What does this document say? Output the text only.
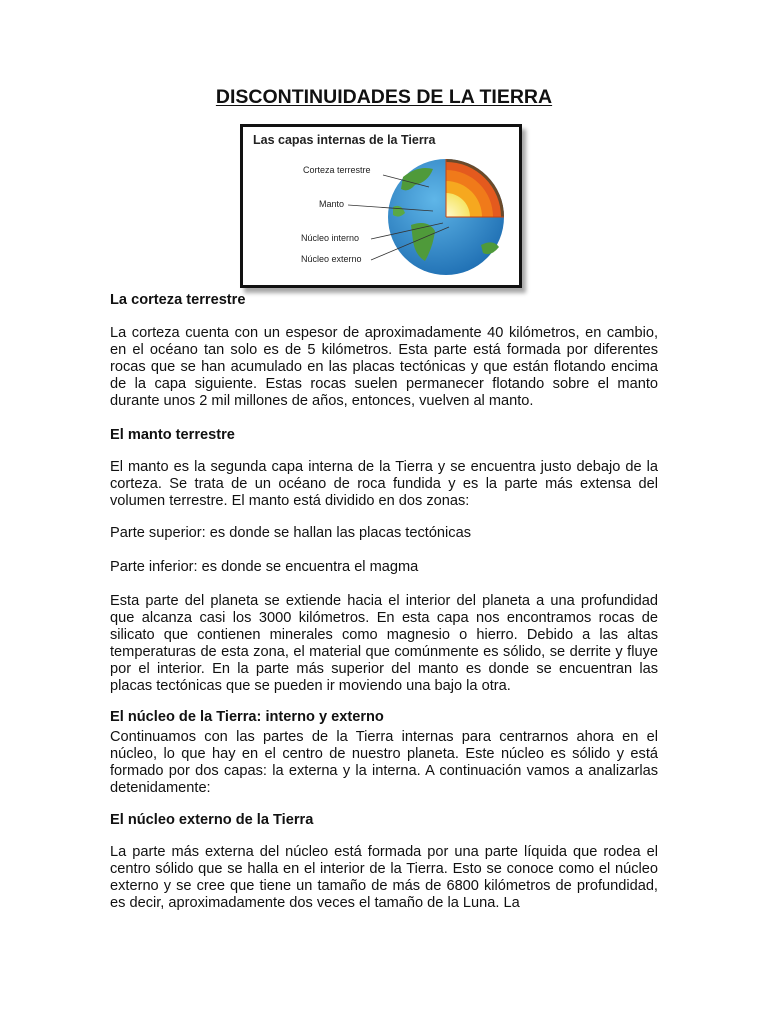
DISCONTINUIDADES DE LA TIERRA
Las capas internas de la Tierra
Corteza terrestre
Manto
Núcleo interno
Núcleo externo
La corteza terrestre

La corteza cuenta con un espesor de aproximadamente 40 kilómetros, en cambio, en el océano tan solo es de 5 kilómetros. Esta parte está formada por diferentes rocas que se han acumulado en las placas tectónicas y que están flotando encima de la capa siguiente. Estas rocas suelen permanecer flotando sobre el manto durante unos 2 mil millones de años, entonces, vuelven al manto.

El manto terrestre

El manto es la segunda capa interna de la Tierra y se encuentra justo debajo de la corteza. Se trata de un océano de roca fundida y es la parte más extensa del volumen terrestre. El manto está dividido en dos zonas:

Parte superior: es donde se hallan las placas tectónicas

Parte inferior: es donde se encuentra el magma

Esta parte del planeta se extiende hacia el interior del planeta a una profundidad que alcanza casi los 3000 kilómetros. En esta capa nos encontramos rocas de silicato que contienen minerales como magnesio o hierro. Debido a las altas temperaturas de esta zona, el material que comúnmente es sólido, se derrite y fluye por el interior. En la parte más superior del manto es donde se encuentran las placas tectónicas que se pueden ir moviendo una bajo la otra.

El núcleo de la Tierra: interno y externo

Continuamos con las partes de la Tierra internas para centrarnos ahora en el núcleo, lo que hay en el centro de nuestro planeta. Este núcleo es sólido y está formado por dos capas: la externa y la interna. A continuación vamos a analizarlas detenidamente:

El núcleo externo de la Tierra

La parte más externa del núcleo está formada por una parte líquida que rodea el centro sólido que se halla en el interior de la Tierra. Esto se conoce como el núcleo externo y se cree que tiene un tamaño de más de 6800 kilómetros de profundidad, es decir, aproximadamente dos veces el tamaño de la Luna. La
